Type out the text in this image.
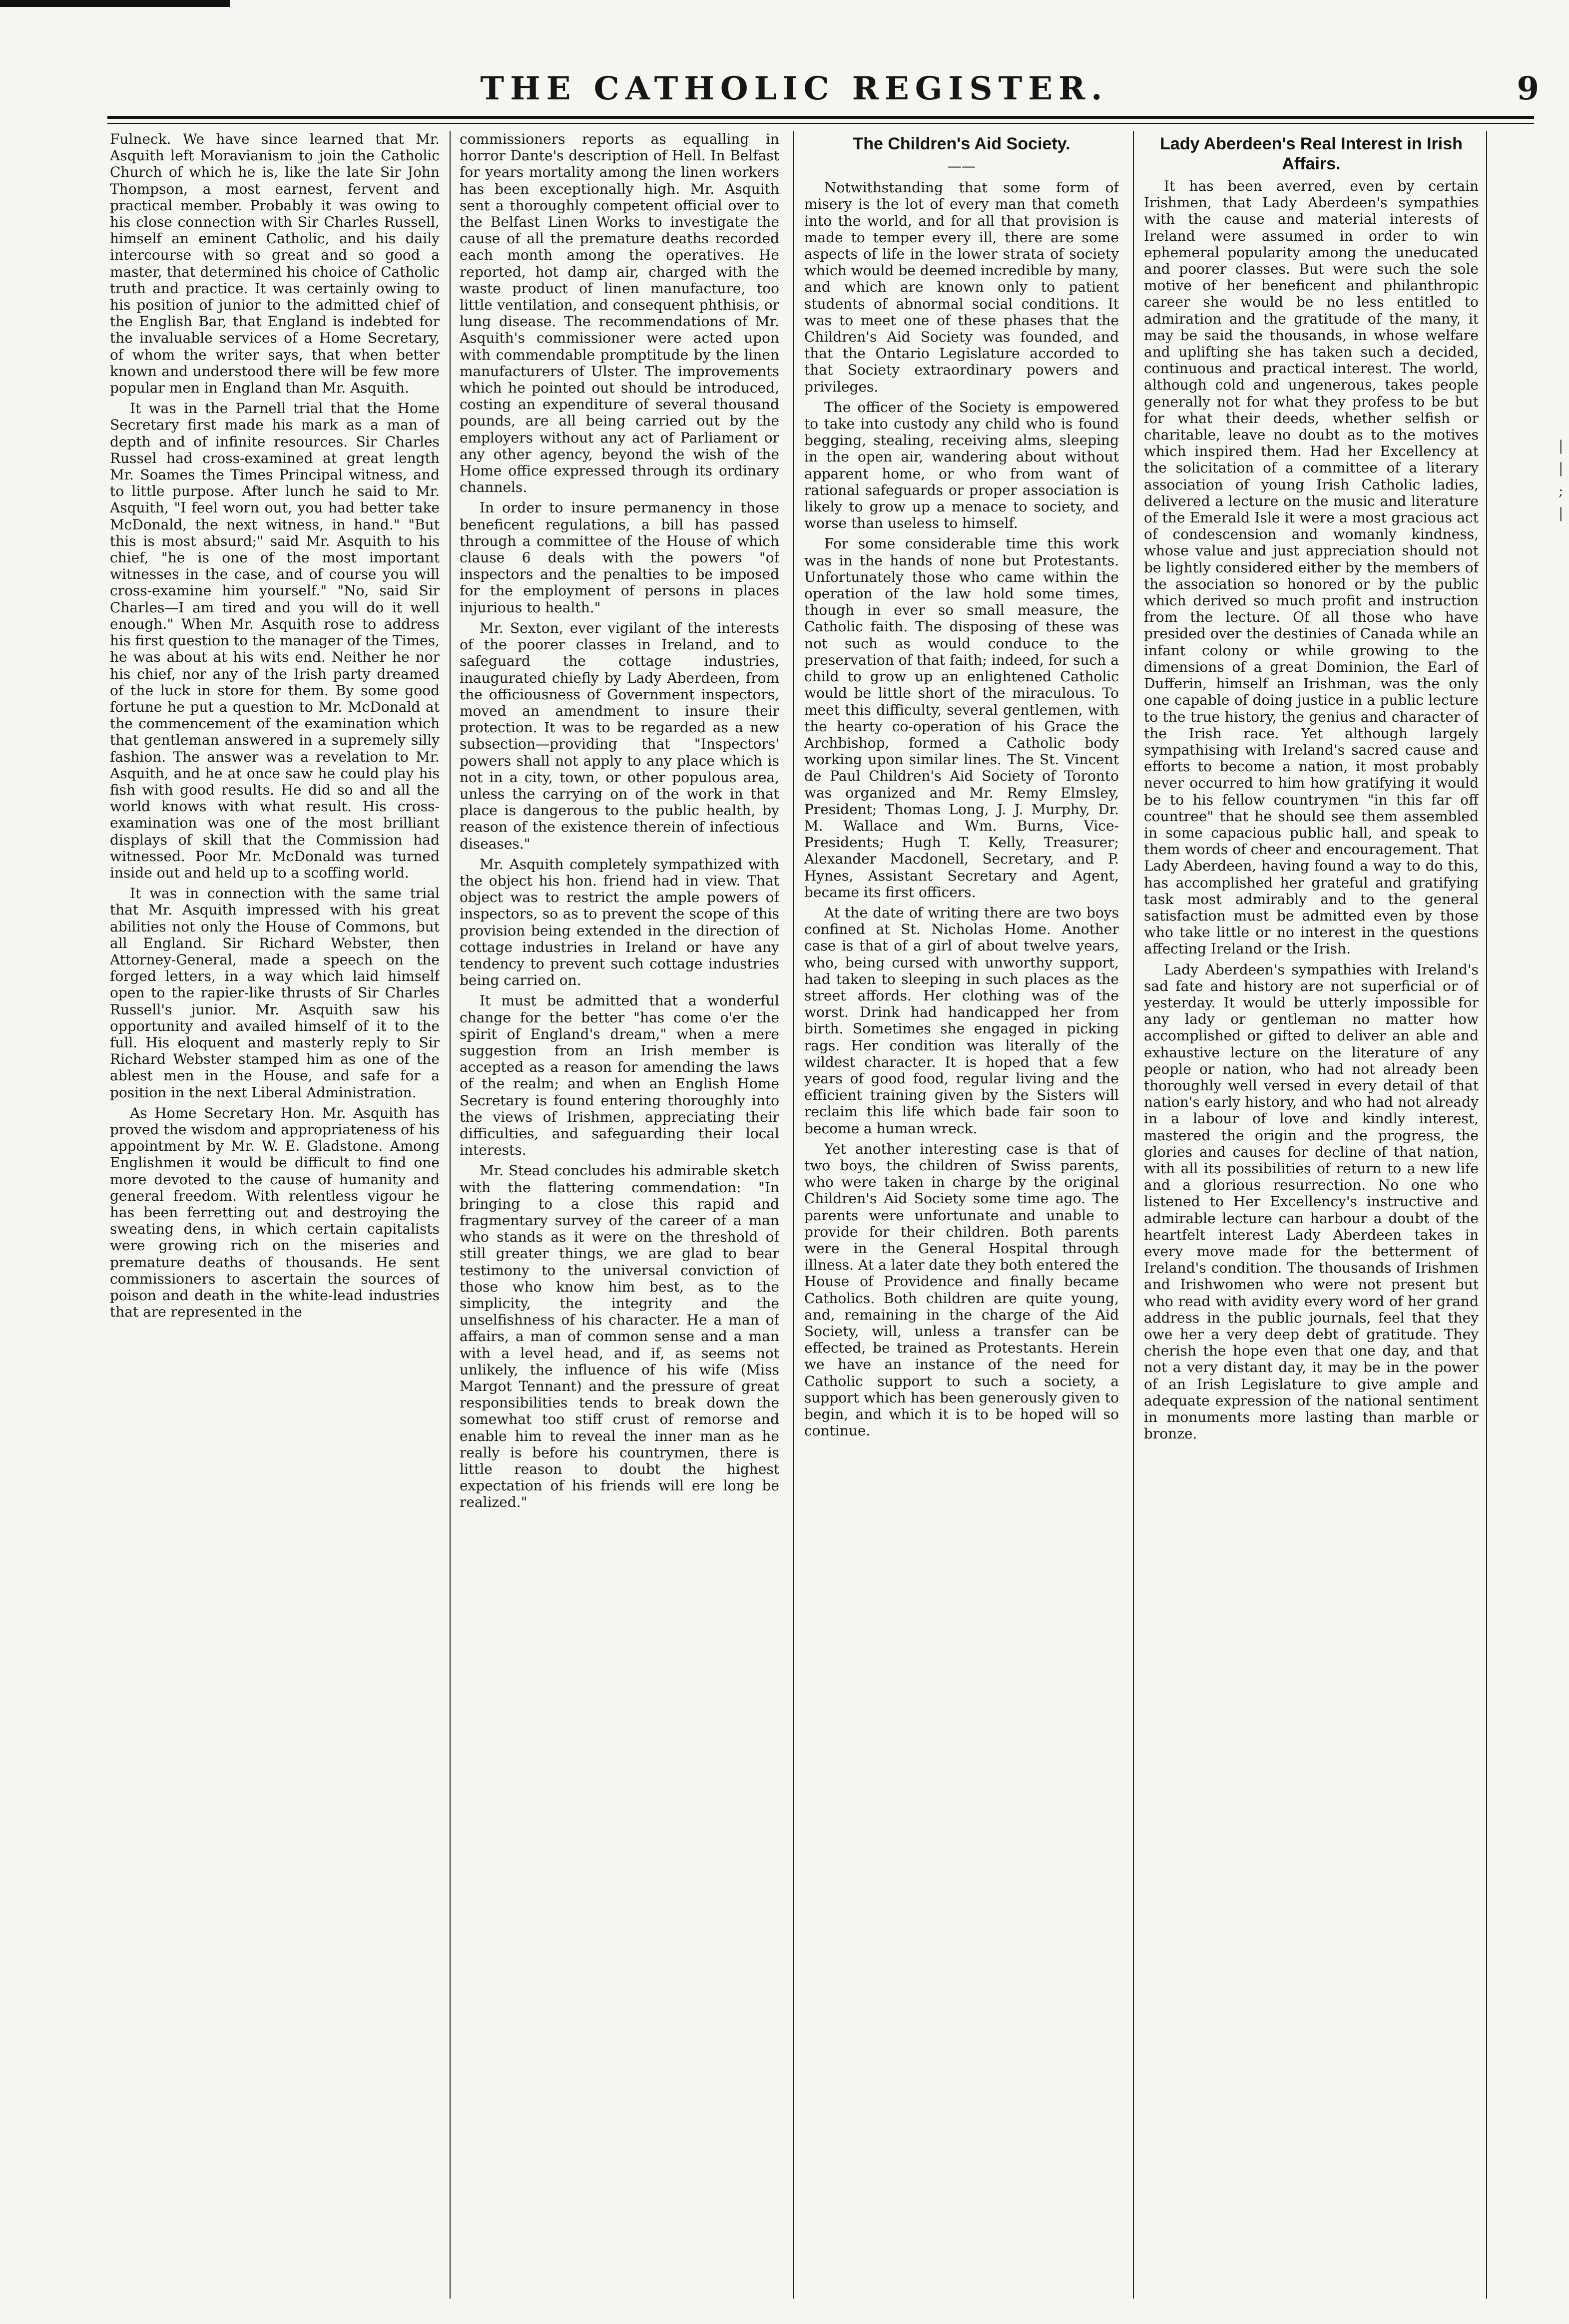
THE CATHOLIC REGISTER.	9

Fulneck. We have since learned that Mr. Asquith left Moravianism to join the Catholic Church of which he is, like the late Sir John Thompson, a most earnest, fervent and practical member. Probably it was owing to his close connection with Sir Charles Russell, himself an eminent Catholic, and his daily intercourse with so great and so good a master, that determined his choice of Catholic truth and practice. It was certainly owing to his position of junior to the admitted chief of the English Bar, that England is indebted for the invaluable services of a Home Secretary, of whom the writer says, that when better known and understood there will be few more popular men in England than Mr. Asquith.

It was in the Parnell trial that the Home Secretary first made his mark as a man of depth and of infinite resources. Sir Charles Russel had cross-examined at great length Mr. Soames the Times Principal witness, and to little purpose. After lunch he said to Mr. Asquith, "I feel worn out, you had better take McDonald, the next witness, in hand." "But this is most absurd;" said Mr. Asquith to his chief, "he is one of the most important witnesses in the case, and of course you will cross-examine him yourself." "No, said Sir Charles—I am tired and you will do it well enough." When Mr. Asquith rose to address his first question to the manager of the Times, he was about at his wits end. Neither he nor his chief, nor any of the Irish party dreamed of the luck in store for them. By some good fortune he put a question to Mr. McDonald at the commencement of the examination which that gentleman answered in a supremely silly fashion. The answer was a revelation to Mr. Asquith, and he at once saw he could play his fish with good results. He did so and all the world knows with what result. His cross-examination was one of the most brilliant displays of skill that the Commission had witnessed. Poor Mr. McDonald was turned inside out and held up to a scoffing world.

It was in connection with the same trial that Mr. Asquith impressed with his great abilities not only the House of Commons, but all England. Sir Richard Webster, then Attorney-General, made a speech on the forged letters, in a way which laid himself open to the rapier-like thrusts of Sir Charles Russell's junior. Mr. Asquith saw his opportunity and availed himself of it to the full. His eloquent and masterly reply to Sir Richard Webster stamped him as one of the ablest men in the House, and safe for a position in the next Liberal Administration.

As Home Secretary Hon. Mr. Asquith has proved the wisdom and appropriateness of his appointment by Mr. W. E. Gladstone. Among Englishmen it would be difficult to find one more devoted to the cause of humanity and general freedom. With relentless vigour he has been ferretting out and destroying the sweating dens, in which certain capitalists were growing rich on the miseries and premature deaths of thousands. He sent commissioners to ascertain the sources of poison and death in the white-lead industries that are represented in the

commissioners reports as equalling in horror Dante's description of Hell. In Belfast for years mortality among the linen workers has been exceptionally high. Mr. Asquith sent a thoroughly competent official over to the Belfast Linen Works to investigate the cause of all the premature deaths recorded each month among the operatives. He reported, hot damp air, charged with the waste product of linen manufacture, too little ventilation, and consequent phthisis, or lung disease. The recommendations of Mr. Asquith's commissioner were acted upon with commendable promptitude by the linen manufacturers of Ulster. The improvements which he pointed out should be introduced, costing an expenditure of several thousand pounds, are all being carried out by the employers without any act of Parliament or any other agency, beyond the wish of the Home office expressed through its ordinary channels.

In order to insure permanency in those beneficent regulations, a bill has passed through a committee of the House of which clause 6 deals with the powers "of inspectors and the penalties to be imposed for the employment of persons in places injurious to health."

Mr. Sexton, ever vigilant of the interests of the poorer classes in Ireland, and to safeguard the cottage industries, inaugurated chiefly by Lady Aberdeen, from the officiousness of Government inspectors, moved an amendment to insure their protection. It was to be regarded as a new subsection—providing that "Inspectors' powers shall not apply to any place which is not in a city, town, or other populous area, unless the carrying on of the work in that place is dangerous to the public health, by reason of the existence therein of infectious diseases."

Mr. Asquith completely sympathized with the object his hon. friend had in view. That object was to restrict the ample powers of inspectors, so as to prevent the scope of this provision being extended in the direction of cottage industries in Ireland or have any tendency to prevent such cottage industries being carried on.

It must be admitted that a wonderful change for the better "has come o'er the spirit of England's dream," when a mere suggestion from an Irish member is accepted as a reason for amending the laws of the realm; and when an English Home Secretary is found entering thoroughly into the views of Irishmen, appreciating their difficulties, and safeguarding their local interests.

Mr. Stead concludes his admirable sketch with the flattering commendation: "In bringing to a close this rapid and fragmentary survey of the career of a man who stands as it were on the threshold of still greater things, we are glad to bear testimony to the universal conviction of those who know him best, as to the simplicity, the integrity and the unselfishness of his character. He a man of affairs, a man of common sense and a man with a level head, and if, as seems not unlikely, the influence of his wife (Miss Margot Tennant) and the pressure of great responsibilities tends to break down the somewhat too stiff crust of remorse and enable him to reveal the inner man as he really is before his countrymen, there is little reason to doubt the highest expectation of his friends will ere long be realized."

The Children's Aid Society.
——

Notwithstanding that some form of misery is the lot of every man that cometh into the world, and for all that provision is made to temper every ill, there are some aspects of life in the lower strata of society which would be deemed incredible by many, and which are known only to patient students of abnormal social conditions. It was to meet one of these phases that the Children's Aid Society was founded, and that the Ontario Legislature accorded to that Society extraordinary powers and privileges.

The officer of the Society is empowered to take into custody any child who is found begging, stealing, receiving alms, sleeping in the open air, wandering about without apparent home, or who from want of rational safeguards or proper association is likely to grow up a menace to society, and worse than useless to himself.

For some considerable time this work was in the hands of none but Protestants. Unfortunately those who came within the operation of the law hold some times, though in ever so small measure, the Catholic faith. The disposing of these was not such as would conduce to the preservation of that faith; indeed, for such a child to grow up an enlightened Catholic would be little short of the miraculous. To meet this difficulty, several gentlemen, with the hearty co-operation of his Grace the Archbishop, formed a Catholic body working upon similar lines. The St. Vincent de Paul Children's Aid Society of Toronto was organized and Mr. Remy Elmsley, President; Thomas Long, J. J. Murphy, Dr. M. Wallace and Wm. Burns, Vice-Presidents; Hugh T. Kelly, Treasurer; Alexander Macdonell, Secretary, and P. Hynes, Assistant Secretary and Agent, became its first officers.

At the date of writing there are two boys confined at St. Nicholas Home. Another case is that of a girl of about twelve years, who, being cursed with unworthy support, had taken to sleeping in such places as the street affords. Her clothing was of the worst. Drink had handicapped her from birth. Sometimes she engaged in picking rags. Her condition was literally of the wildest character. It is hoped that a few years of good food, regular living and the efficient training given by the Sisters will reclaim this life which bade fair soon to become a human wreck.

Yet another interesting case is that of two boys, the children of Swiss parents, who were taken in charge by the original Children's Aid Society some time ago. The parents were unfortunate and unable to provide for their children. Both parents were in the General Hospital through illness. At a later date they both entered the House of Providence and finally became Catholics. Both children are quite young, and, remaining in the charge of the Aid Society, will, unless a transfer can be effected, be trained as Protestants. Herein we have an instance of the need for Catholic support to such a society, a support which has been generously given to begin, and which it is to be hoped will so continue.

Lady Aberdeen's Real Interest in Irish Affairs.

It has been averred, even by certain Irishmen, that Lady Aberdeen's sympathies with the cause and material interests of Ireland were assumed in order to win ephemeral popularity among the uneducated and poorer classes. But were such the sole motive of her beneficent and philanthropic career she would be no less entitled to admiration and the gratitude of the many, it may be said the thousands, in whose welfare and uplifting she has taken such a decided, continuous and practical interest. The world, although cold and ungenerous, takes people generally not for what they profess to be but for what their deeds, whether selfish or charitable, leave no doubt as to the motives which inspired them. Had her Excellency at the solicitation of a committee of a literary association of young Irish Catholic ladies, delivered a lecture on the music and literature of the Emerald Isle it were a most gracious act of condescension and womanly kindness, whose value and just appreciation should not be lightly considered either by the members of the association so honored or by the public which derived so much profit and instruction from the lecture. Of all those who have presided over the destinies of Canada while an infant colony or while growing to the dimensions of a great Dominion, the Earl of Dufferin, himself an Irishman, was the only one capable of doing justice in a public lecture to the true history, the genius and character of the Irish race. Yet although largely sympathising with Ireland's sacred cause and efforts to become a nation, it most probably never occurred to him how gratifying it would be to his fellow countrymen "in this far off countree" that he should see them assembled in some capacious public hall, and speak to them words of cheer and encouragement. That Lady Aberdeen, having found a way to do this, has accomplished her grateful and gratifying task most admirably and to the general satisfaction must be admitted even by those who take little or no interest in the questions affecting Ireland or the Irish.

Lady Aberdeen's sympathies with Ireland's sad fate and history are not superficial or of yesterday. It would be utterly impossible for any lady or gentleman no matter how accomplished or gifted to deliver an able and exhaustive lecture on the literature of any people or nation, who had not already been thoroughly well versed in every detail of that nation's early history, and who had not already in a labour of love and kindly interest, mastered the origin and the progress, the glories and causes for decline of that nation, with all its possibilities of return to a new life and a glorious resurrection. No one who listened to Her Excellency's instructive and admirable lecture can harbour a doubt of the heartfelt interest Lady Aberdeen takes in every move made for the betterment of Ireland's condition. The thousands of Irishmen and Irishwomen who were not present but who read with avidity every word of her grand address in the public journals, feel that they owe her a very deep debt of gratitude. They cherish the hope even that one day, and that not a very distant day, it may be in the power of an Irish Legislature to give ample and adequate expression of the national sentiment in monuments more lasting than marble or bronze.

|
|
;
|
